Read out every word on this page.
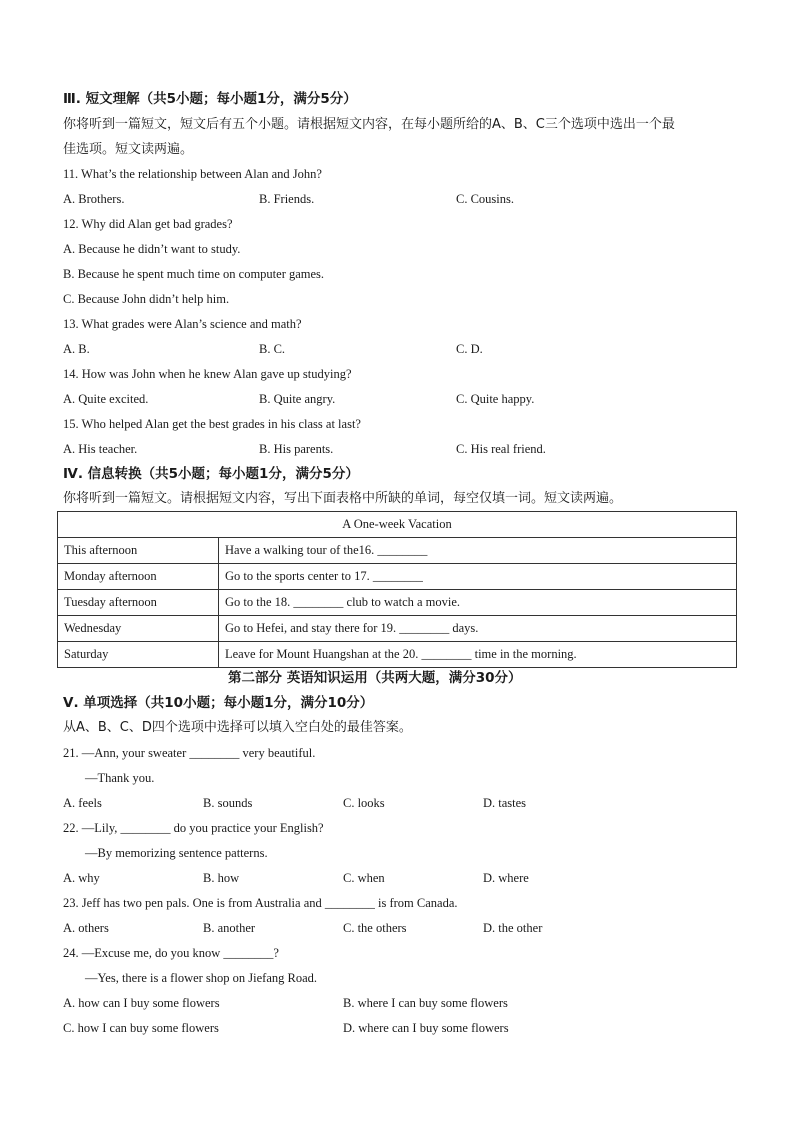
Ⅲ. 短文理解（共5小题；每小题1分，满分5分）
你将听到一篇短文，短文后有五个小题。请根据短文内容，在每小题所给的A、B、C三个选项中选出一个最
佳选项。短文读两遍。
11. What’s the relationship between Alan and John?
A. Brothers.	B. Friends.	C. Cousins.
12. Why did Alan get bad grades?
A. Because he didn’t want to study.
B. Because he spent much time on computer games.
C. Because John didn’t help him.
13. What grades were Alan’s science and math?
A. B.	B. C.	C. D.
14. How was John when he knew Alan gave up studying?
A. Quite excited.	B. Quite angry.	C. Quite happy.
15. Who helped Alan get the best grades in his class at last?
A. His teacher.	B. His parents.	C. His real friend.
Ⅳ. 信息转换（共5小题；每小题1分，满分5分）
你将听到一篇短文。请根据短文内容，写出下面表格中所缺的单词，每空仅填一词。短文读两遍。
A One-week Vacation	
This afternoon	Have a walking tour of the16. ________
Monday afternoon	Go to the sports center to 17. ________
Tuesday afternoon	Go to the 18. ________ club to watch a movie.
Wednesday	Go to Hefei, and stay there for 19. ________ days.
Saturday	Leave for Mount Huangshan at the 20. ________ time in the morning.
第二部分 英语知识运用（共两大题，满分30分）
Ⅴ. 单项选择（共10小题；每小题1分，满分10分）
从A、B、C、D四个选项中选择可以填入空白处的最佳答案。
21. —Ann, your sweater ________ very beautiful.
—Thank you.
A. feels	B. sounds	C. looks	D. tastes
22. —Lily, ________ do you practice your English?
—By memorizing sentence patterns.
A. why	B. how	C. when	D. where
23. Jeff has two pen pals. One is from Australia and ________ is from Canada.
A. others	B. another	C. the others	D. the other
24. —Excuse me, do you know ________?
—Yes, there is a flower shop on Jiefang Road.
A. how can I buy some flowers	B. where I can buy some flowers
C. how I can buy some flowers	D. where can I buy some flowers
